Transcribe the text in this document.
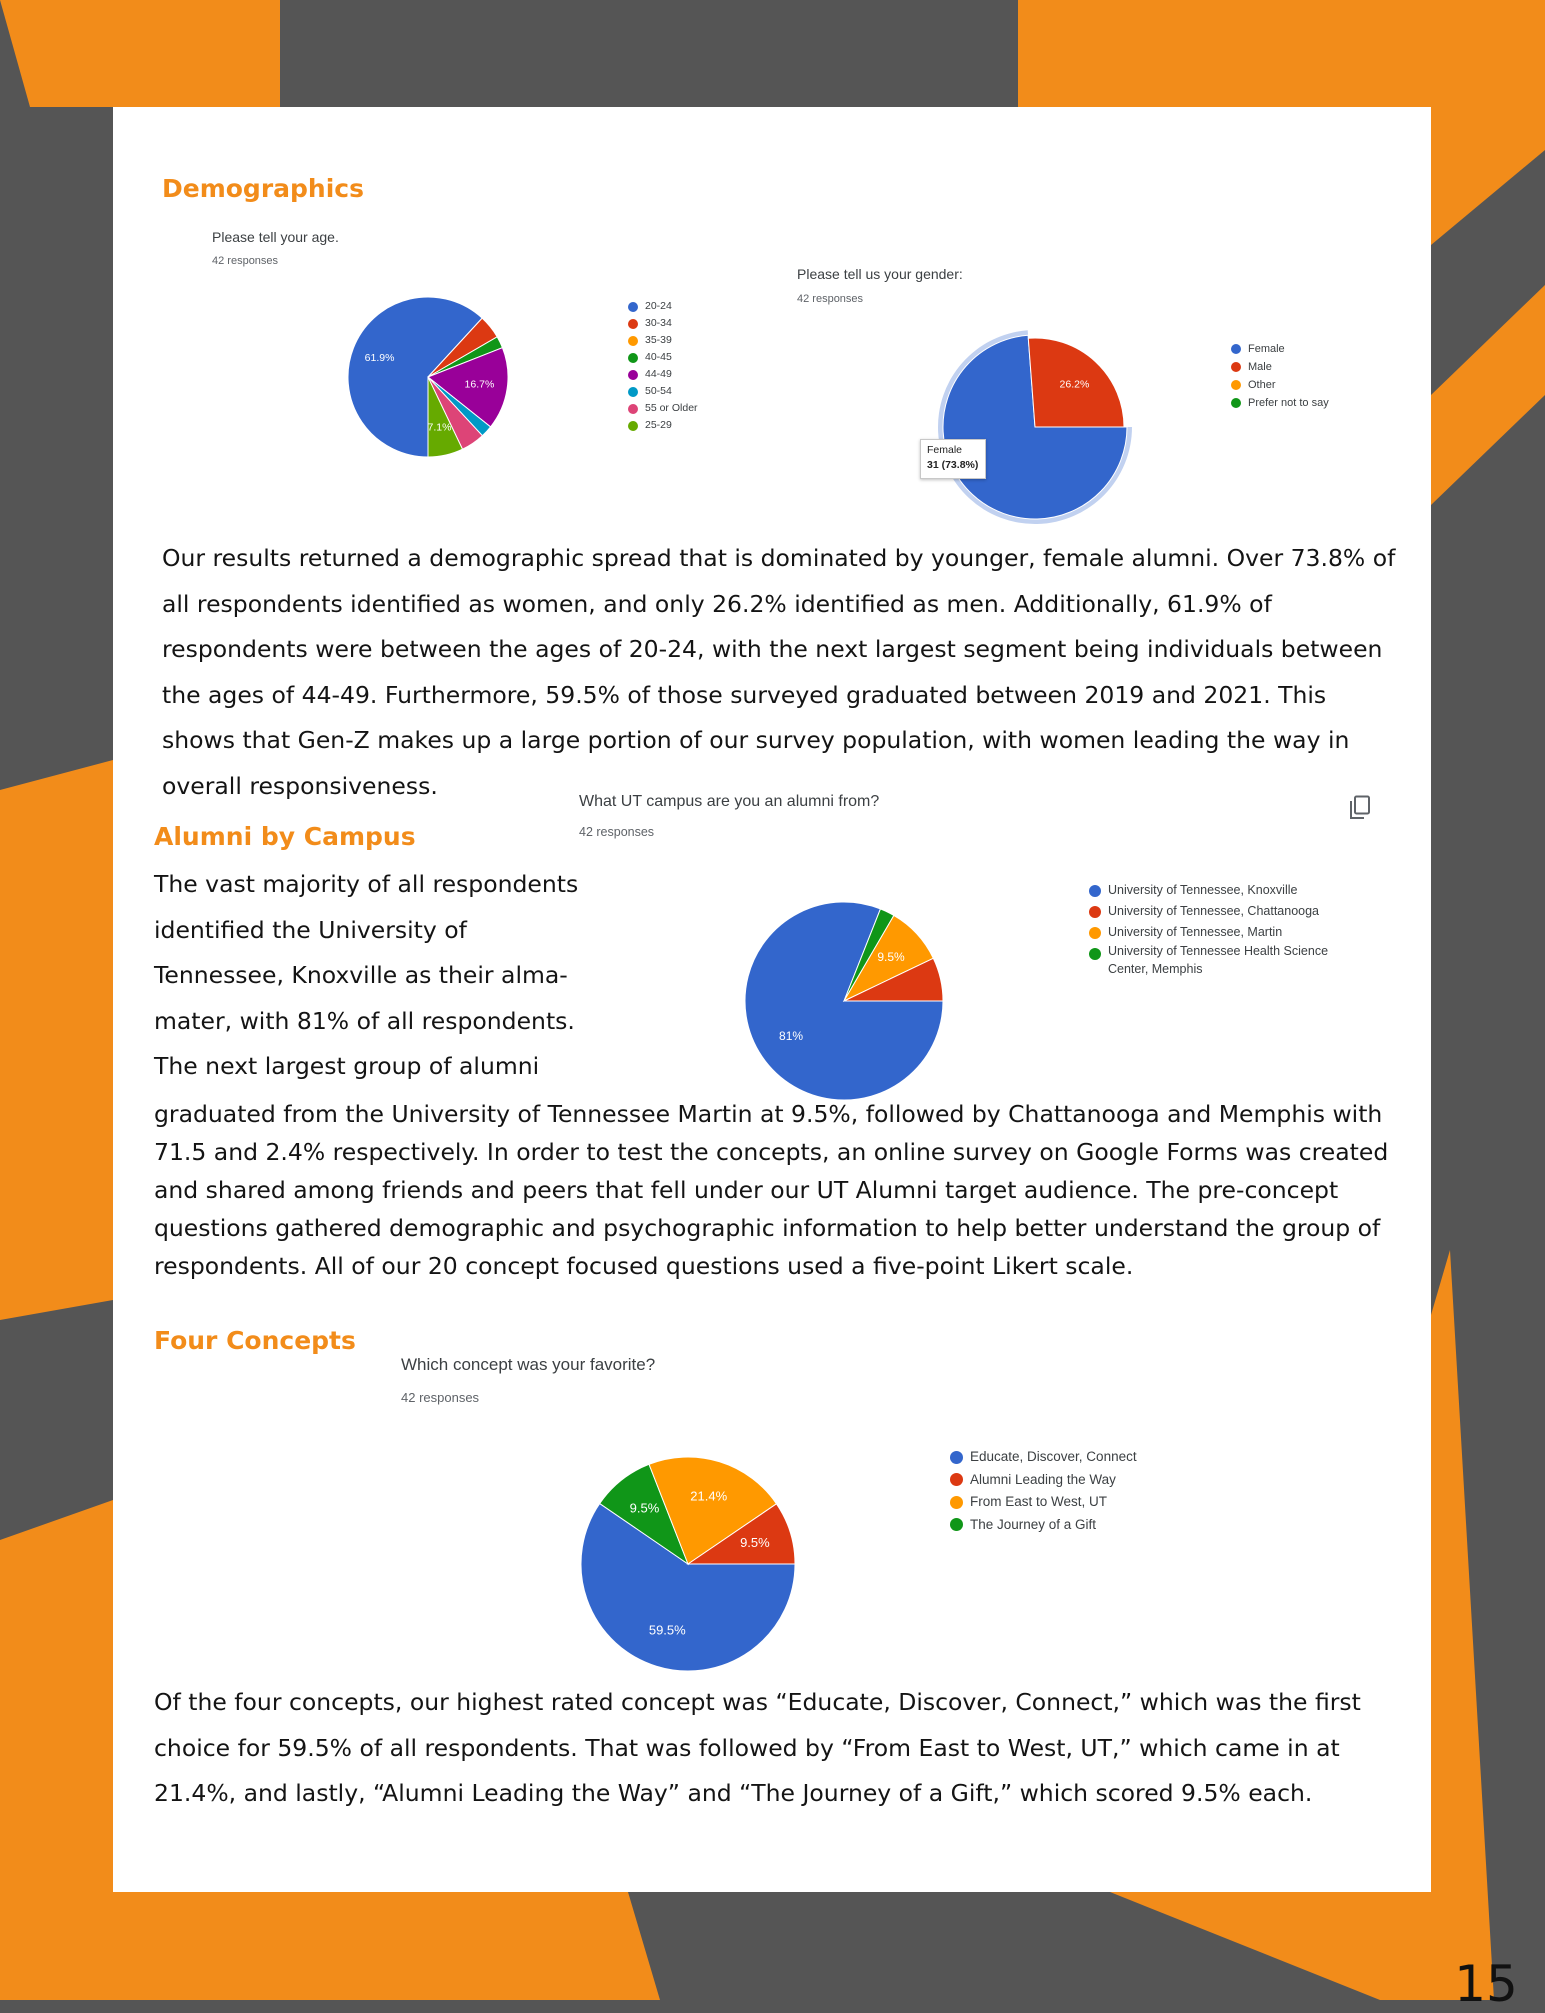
Demographics
Please tell your age.
42 responses
61.9%
16.7%
7.1%
20-24
30-34
35-39
40-45
44-49
50-54
55 or Older
25-29
Please tell us your gender:
42 responses
26.2%
Female
Male
Other
Prefer not to say
Female
31 (73.8%)
Our results returned a demographic spread that is dominated by younger, female alumni. Over 73.8% of all respondents identified as women, and only 26.2% identified as men. Additionally, 61.9% of respondents were between the ages of 20-24, with the next largest segment being individuals between the ages of 44-49. Furthermore, 59.5% of those surveyed graduated between 2019 and 2021. This shows that Gen-Z makes up a large portion of our survey population, with women leading the way in overall responsiveness.
Alumni by Campus
The vast majority of all respondents identified the University of Tennessee, Knoxville as their alma-mater, with 81% of all respondents. The next largest group of alumni
What UT campus are you an alumni from?
42 responses
81%
9.5%
University of Tennessee, Knoxville
University of Tennessee, Chattanooga
University of Tennessee, Martin
University of Tennessee Health Science
Center, Memphis
graduated from the University of Tennessee Martin at 9.5%, followed by Chattanooga and Memphis with 71.5 and 2.4% respectively. In order to test the concepts, an online survey on Google Forms was created and shared among friends and peers that fell under our UT Alumni target audience. The pre-concept questions gathered demographic and psychographic information to help better understand the group of respondents. All of our 20 concept focused questions used a five-point Likert scale.
Four Concepts
Which concept was your favorite?
42 responses
59.5%
9.5%
21.4%
9.5%
Educate, Discover, Connect
Alumni Leading the Way
From East to West, UT
The Journey of a Gift
Of the four concepts, our highest rated concept was “Educate, Discover, Connect,” which was the first choice for 59.5% of all respondents. That was followed by “From East to West, UT,” which came in at 21.4%, and lastly, “Alumni Leading the Way” and “The Journey of a Gift,” which scored 9.5% each.
15
